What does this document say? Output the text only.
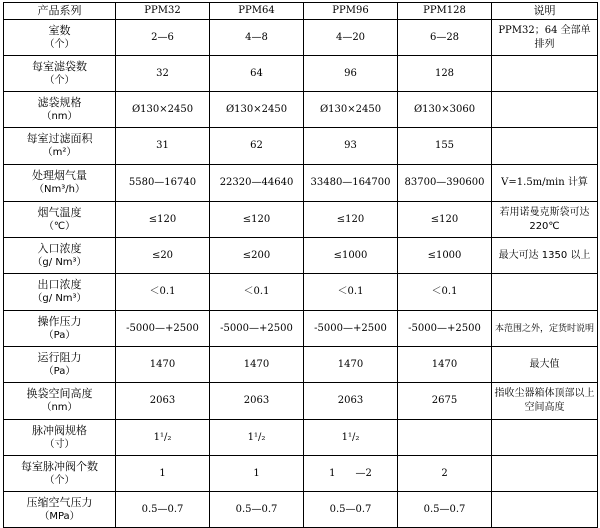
产品系列	PPM32	PPM64	PPM96	PPM128	说明

室数
（个）	2—6	4—8	4—20	6—28	PPM32；64 全部单排列

每室滤袋数
（个）	32	64	96	128	

滤袋规格
（nm）	Ø130×2450	Ø130×2450	Ø130×2450	Ø130×3060	

每室过滤面积
（m²）	31	62	93	155	

处理烟气量
（Nm³/h）	5580—16740	22320—44640	33480—164700	83700—390600	V=1.5m/min 计算

烟气温度
（℃）	≤120	≤120	≤120	≤120	若用诺曼克斯袋可达 220℃

入口浓度
（g/ Nm³）	≤20	≤200	≤1000	≤1000	最大可达 1350 以上

出口浓度
（g/ Nm³）	＜0.1	＜0.1	＜0.1	＜0.1	

操作压力
（Pa）	-5000—+2500	-5000—+2500	-5000—+2500	-5000—+2500	本范围之外，定货时说明

运行阻力
（Pa）	1470	1470	1470	1470	最大值

换袋空间高度
（nm）	2063	2063	2063	2675	指收尘器箱体顶部以上空间高度

脉冲阀规格
（寸）	1¹/₂	1¹/₂	1¹/₂		

每室脉冲阀个数
（个）	1	1	1　　—2	2	

压缩空气压力
（MPa）	0.5—0.7	0.5—0.7	0.5—0.7	0.5—0.7	
